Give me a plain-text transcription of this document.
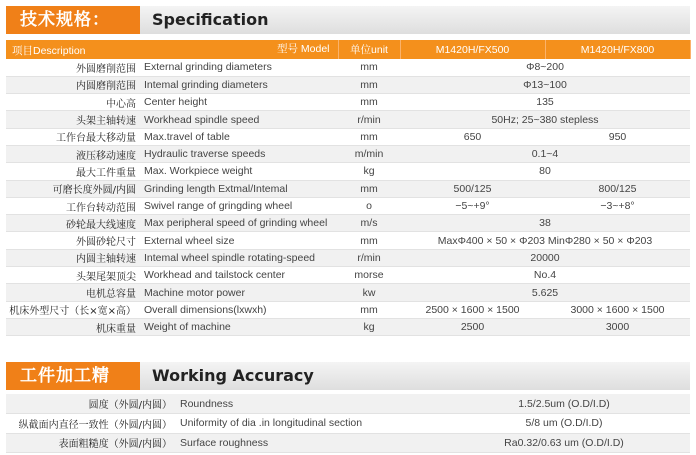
技术规格：	Specification
项目Description 型号 Model		单位unit	M1420H/FX500	M1420H/FX800
外圆磨削范围	External grinding diameters	mm	Φ8~200	
内圆磨削范围	Intemal grinding diameters	mm	Φ13~100	
中心高	Center height	mm	135	
头架主轴转速	Workhead spindle speed	r/min	50Hz; 25~380 stepless	
工作台最大移动量	Max.travel of table	mm	650	950
液压移动速度	Hydraulic traverse speeds	m/min	0.1~4	
最大工件重量	Max. Workpiece weight	kg	80	
可磨长度外圆/内圆	Grinding length Extmal/Intemal	mm	500/125	800/125
工作台转动范围	Swivel range of gringding wheel	o	−5~+9°	−3~+8°
砂轮最大线速度	Max peripheral speed of grinding wheel	m/s	38	
外圆砂轮尺寸	External wheel size	mm	MaxΦ400 × 50 × Φ203 MinΦ280 × 50 × Φ203	
内圆主轴转速	Intemal wheel spindle rotating-speed	r/min	20000	
头架尾架顶尖	Workhead and tailstock center	morse	No.4	
电机总容量	Machine motor power	kw	5.625	
机床外型尺寸（长×宽×高）	Overall dimensions(lxwxh)	mm	2500 × 1600 × 1500	3000 × 1600 × 1500
机床重量	Weight of machine	kg	2500	3000
工件加工精度：
Working Accuracy
圆度（外圆/内圆）	Roundness	1.5/2.5um (O.D/I.D)
纵截面内直径一致性（外圆/内圆）	Uniformity of dia .in longitudinal section	5/8 um (O.D/I.D)
表面粗糙度（外圆/内圆）	Surface roughness	Ra0.32/0.63 um (O.D/I.D)
